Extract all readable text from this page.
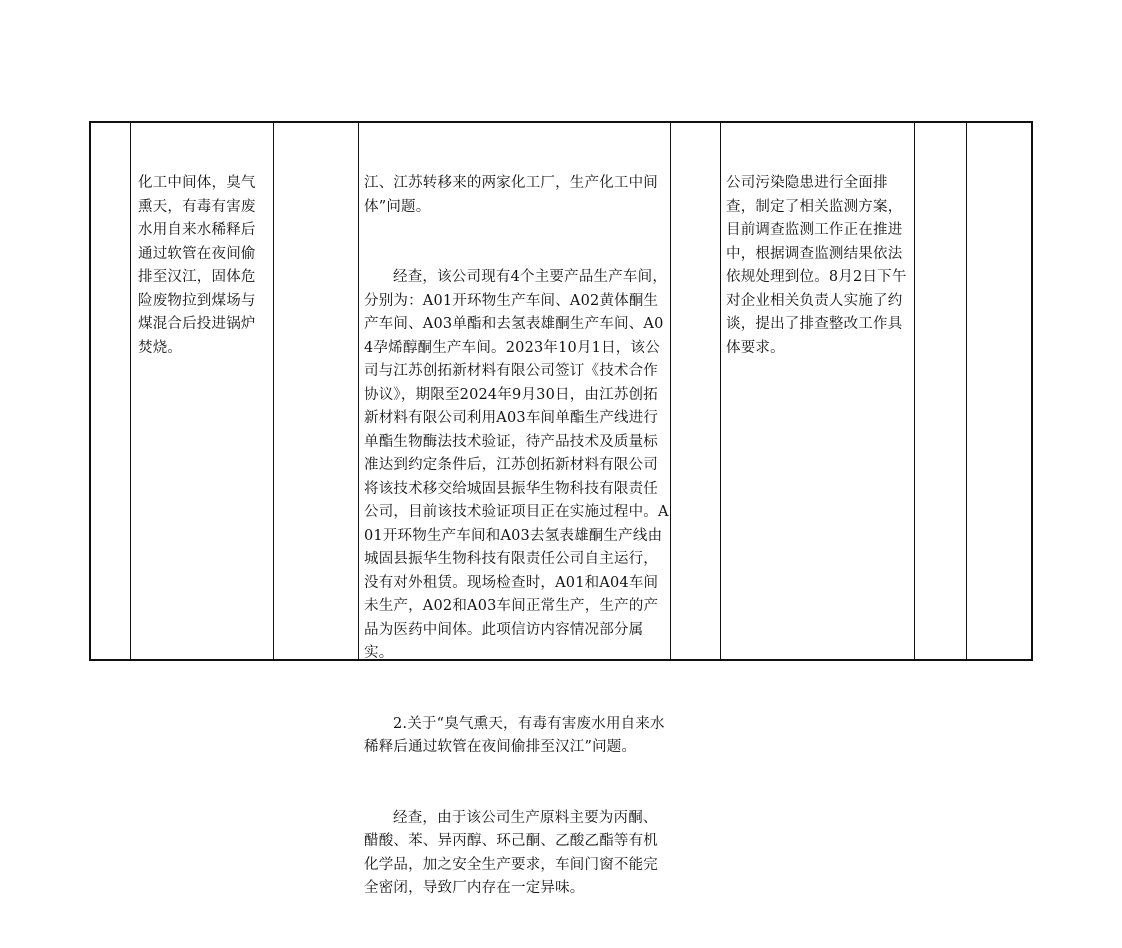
化工中间体，臭气熏天，有毒有害废水用自来水稀释后通过软管在夜间偷排至汉江，固体危险废物拉到煤场与煤混合后投进锅炉焚烧。

江、江苏转移来的两家化工厂，生产化工中间体”问题。

经查，该公司现有4个主要产品生产车间，分别为：A01开环物生产车间、A02黄体酮生产车间、A03单酯和去氢表雄酮生产车间、A04孕烯醇酮生产车间。2023年10月1日，该公司与江苏创拓新材料有限公司签订《技术合作协议》，期限至2024年9月30日，由江苏创拓新材料有限公司利用A03车间单酯生产线进行单酯生物酶法技术验证，待产品技术及质量标准达到约定条件后，江苏创拓新材料有限公司将该技术移交给城固县振华生物科技有限责任公司，目前该技术验证项目正在实施过程中。A01开环物生产车间和A03去氢表雄酮生产线由城固县振华生物科技有限责任公司自主运行，没有对外租赁。现场检查时，A01和A04车间未生产，A02和A03车间正常生产，生产的产品为医药中间体。此项信访内容情况部分属实。

2.关于“臭气熏天，有毒有害废水用自来水稀释后通过软管在夜间偷排至汉江”问题。

经查，由于该公司生产原料主要为丙酮、醋酸、苯、异丙醇、环己酮、乙酸乙酯等有机化学品，加之安全生产要求，车间门窗不能完全密闭，导致厂内存在一定异味。

公司污染隐患进行全面排查，制定了相关监测方案，目前调查监测工作正在推进中，根据调查监测结果依法依规处理到位。8月2日下午对企业相关负责人实施了约谈，提出了排查整改工作具体要求。
